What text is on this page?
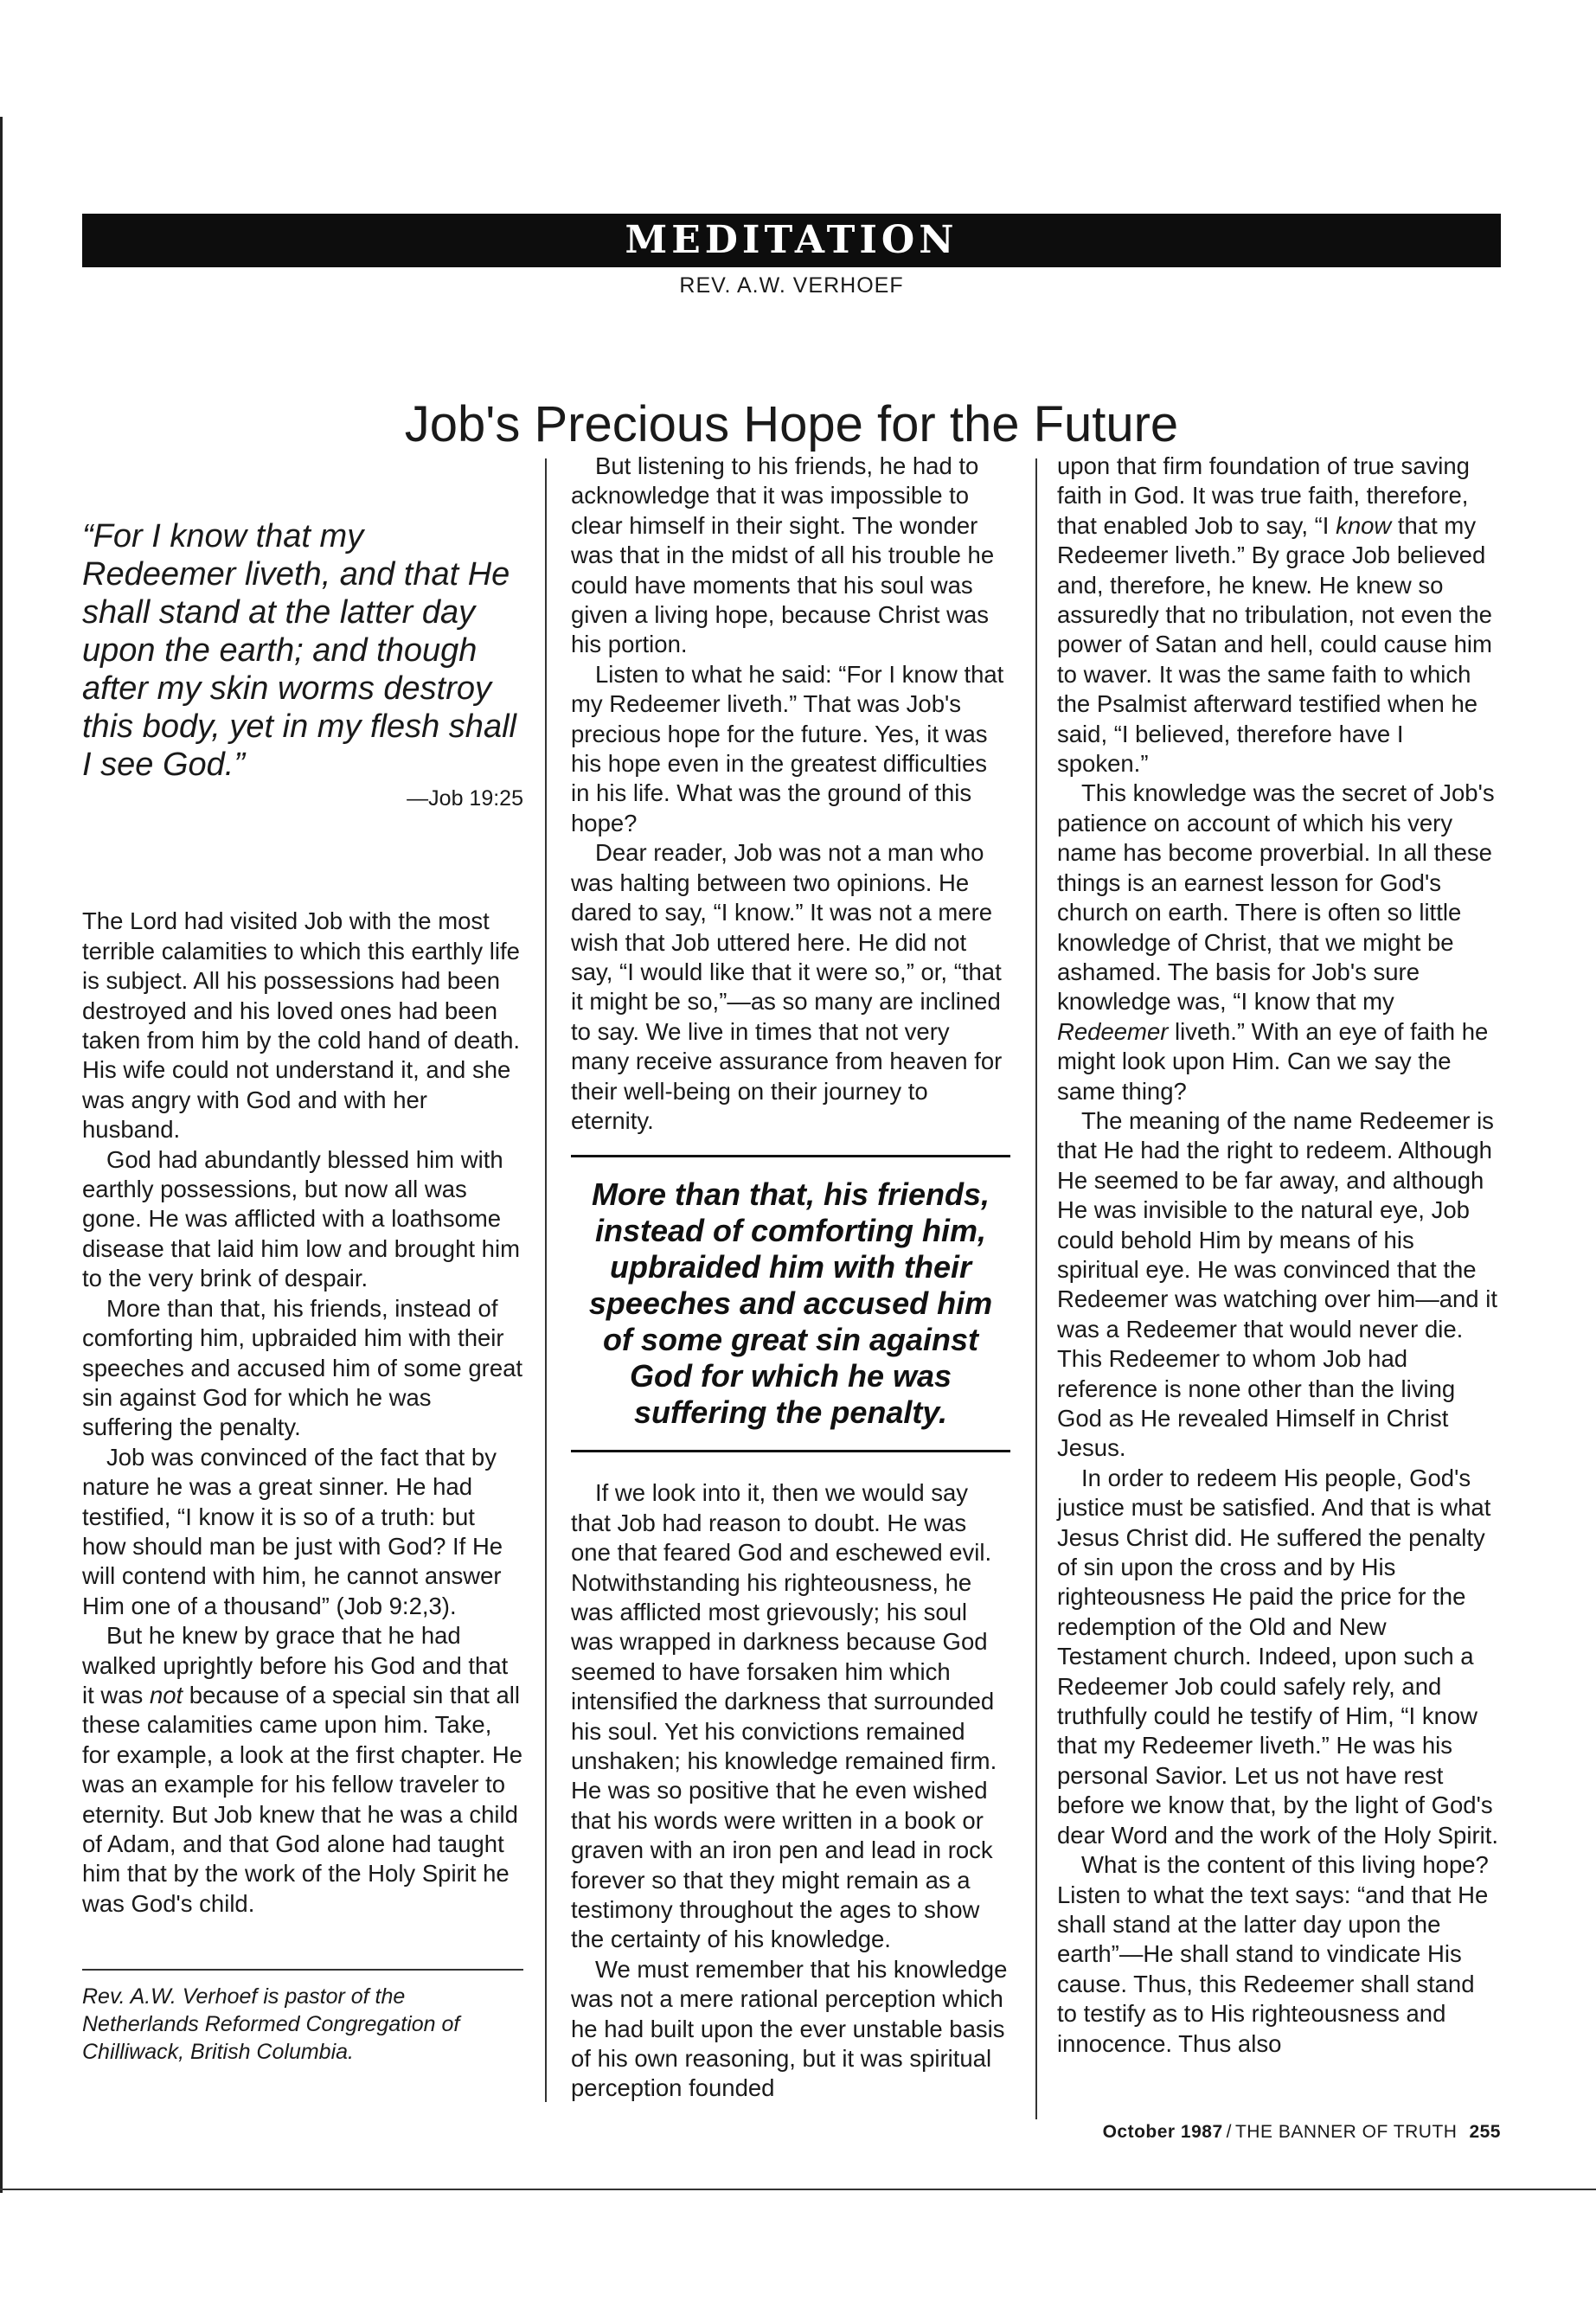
MEDITATION
REV. A.W. VERHOEF
Job's Precious Hope for the Future

“For I know that my Redeemer liveth, and that He shall stand at the latter day upon the earth; and though after my skin worms destroy this body, yet in my flesh shall I see God.”

—Job 19:25

The Lord had visited Job with the most terrible calamities to which this earthly life is subject. All his possessions had been destroyed and his loved ones had been taken from him by the cold hand of death. His wife could not understand it, and she was angry with God and with her husband.

God had abundantly blessed him with earthly possessions, but now all was gone. He was afflicted with a loathsome disease that laid him low and brought him to the very brink of despair.

More than that, his friends, instead of comforting him, upbraided him with their speeches and accused him of some great sin against God for which he was suffering the penalty.

Job was convinced of the fact that by nature he was a great sinner. He had testified, “I know it is so of a truth: but how should man be just with God? If He will contend with him, he cannot answer Him one of a thousand” (Job 9:2,3).

But he knew by grace that he had walked uprightly before his God and that it was not because of a special sin that all these calamities came upon him. Take, for example, a look at the first chapter. He was an example for his fellow traveler to eternity. But Job knew that he was a child of Adam, and that God alone had taught him that by the work of the Holy Spirit he was God's child.

Rev. A.W. Verhoef is pastor of the Netherlands Reformed Congregation of Chilliwack, British Columbia.

But listening to his friends, he had to acknowledge that it was impossible to clear himself in their sight. The wonder was that in the midst of all his trouble he could have moments that his soul was given a living hope, because Christ was his portion.

Listen to what he said: “For I know that my Redeemer liveth.” That was Job's precious hope for the future. Yes, it was his hope even in the greatest difficulties in his life. What was the ground of this hope?

Dear reader, Job was not a man who was halting between two opinions. He dared to say, “I know.” It was not a mere wish that Job uttered here. He did not say, “I would like that it were so,” or, “that it might be so,”—as so many are inclined to say. We live in times that not very many receive assurance from heaven for their well-being on their journey to eternity.

More than that, his friends, instead of comforting him, upbraided him with their speeches and accused him of some great sin against God for which he was suffering the penalty.

If we look into it, then we would say that Job had reason to doubt. He was one that feared God and eschewed evil. Notwithstanding his righteousness, he was afflicted most grievously; his soul was wrapped in darkness because God seemed to have forsaken him which intensified the darkness that surrounded his soul. Yet his convictions remained unshaken; his knowledge remained firm. He was so positive that he even wished that his words were written in a book or graven with an iron pen and lead in rock forever so that they might remain as a testimony throughout the ages to show the certainty of his knowledge.

We must remember that his knowledge was not a mere rational perception which he had built upon the ever unstable basis of his own reasoning, but it was spiritual perception founded

upon that firm foundation of true saving faith in God. It was true faith, therefore, that enabled Job to say, “I know that my Redeemer liveth.” By grace Job believed and, therefore, he knew. He knew so assuredly that no tribulation, not even the power of Satan and hell, could cause him to waver. It was the same faith to which the Psalmist afterward testified when he said, “I believed, therefore have I spoken.”

This knowledge was the secret of Job's patience on account of which his very name has become proverbial. In all these things is an earnest lesson for God's church on earth. There is often so little knowledge of Christ, that we might be ashamed. The basis for Job's sure knowledge was, “I know that my Redeemer liveth.” With an eye of faith he might look upon Him. Can we say the same thing?

The meaning of the name Redeemer is that He had the right to redeem. Although He seemed to be far away, and although He was invisible to the natural eye, Job could behold Him by means of his spiritual eye. He was convinced that the Redeemer was watching over him—and it was a Redeemer that would never die. This Redeemer to whom Job had reference is none other than the living God as He revealed Himself in Christ Jesus.

In order to redeem His people, God's justice must be satisfied. And that is what Jesus Christ did. He suffered the penalty of sin upon the cross and by His righteousness He paid the price for the redemption of the Old and New Testament church. Indeed, upon such a Redeemer Job could safely rely, and truthfully could he testify of Him, “I know that my Redeemer liveth.” He was his personal Savior. Let us not have rest before we know that, by the light of God's dear Word and the work of the Holy Spirit.

What is the content of this living hope? Listen to what the text says: “and that He shall stand at the latter day upon the earth”—He shall stand to vindicate His cause. Thus, this Redeemer shall stand to testify as to His righteousness and innocence. Thus also

October 1987 / THE BANNER OF TRUTH 255
